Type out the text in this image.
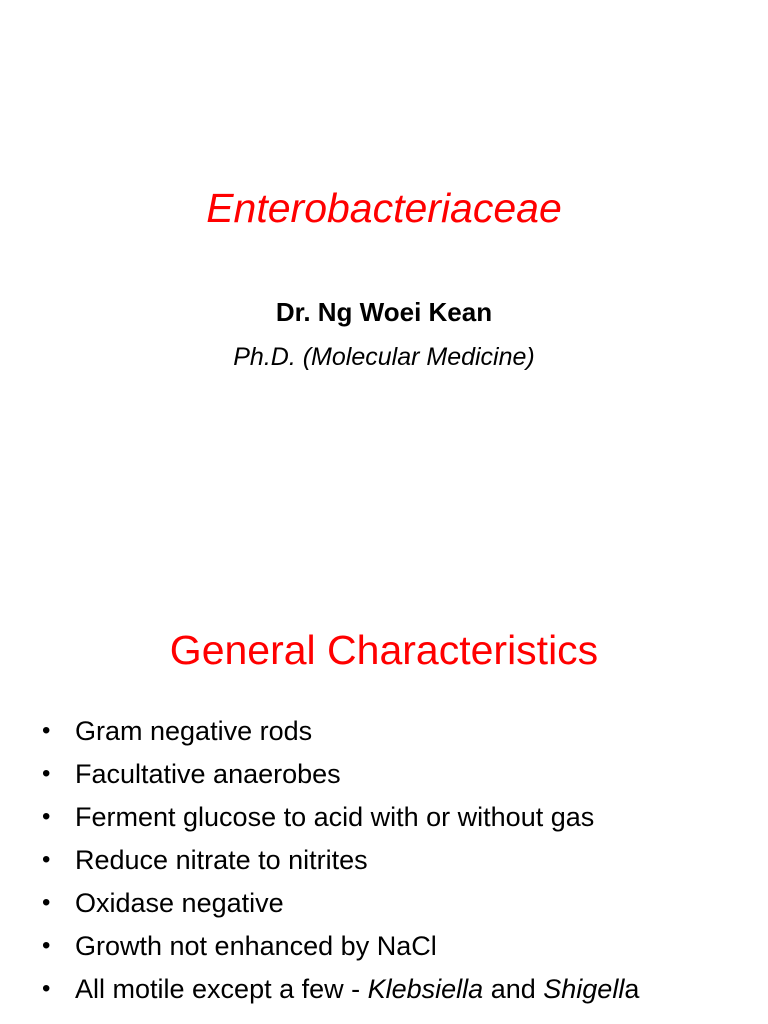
Enterobacteriaceae
Dr. Ng Woei Kean
Ph.D. (Molecular Medicine)
General Characteristics
• Gram negative rods
• Facultative anaerobes
• Ferment glucose to acid with or without gas
• Reduce nitrate to nitrites
• Oxidase negative
• Growth not enhanced by NaCl
• All motile except a few - Klebsiella and Shigella
